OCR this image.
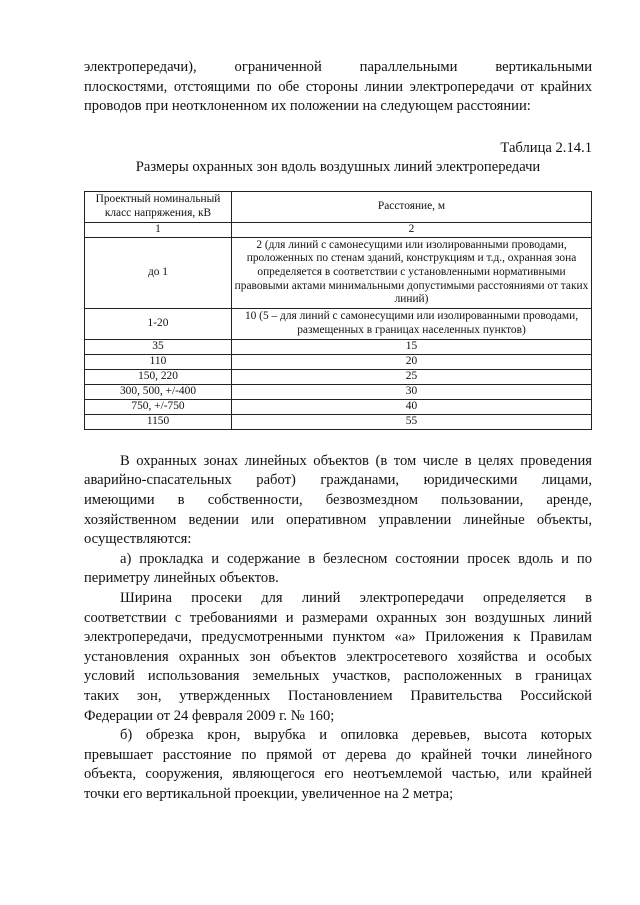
электропередачи), ограниченной параллельными вертикальными

плоскостями, отстоящими по обе стороны линии электропередачи от крайних

проводов при неотклоненном их положении на следующем расстоянии:

Таблица 2.14.1
Размеры охранных зон вдоль воздушных линий электропередачи
Проектный номинальный класс напряжения, кВ	Расстояние, м
1	2
до 1	2 (для линий с самонесущими или изолированными проводами, проложенных по стенам зданий, конструкциям и т.д., охранная зона определяется в соответствии с установленными нормативными правовыми актами минимальными допустимыми расстояниями от таких линий)
1-20	10 (5 – для линий с самонесущими или изолированными проводами, размещенных в границах населенных пунктов)
35	15
110	20
150, 220	25
300, 500, +/-400	30
750, +/-750	40
1150	55

В охранных зонах линейных объектов (в том числе в целях проведения

аварийно-спасательных работ) гражданами, юридическими лицами,

имеющими в собственности, безвозмездном пользовании, аренде,

хозяйственном ведении или оперативном управлении линейные объекты,

осуществляются:

а) прокладка и содержание в безлесном состоянии просек вдоль и по

периметру линейных объектов.

Ширина просеки для линий электропередачи определяется в

соответствии с требованиями и размерами охранных зон воздушных линий

электропередачи, предусмотренными пунктом «а» Приложения к Правилам

установления охранных зон объектов электросетевого хозяйства и особых

условий использования земельных участков, расположенных в границах

таких зон, утвержденных Постановлением Правительства Российской

Федерации от 24 февраля 2009 г. № 160;

б) обрезка крон, вырубка и опиловка деревьев, высота которых

превышает расстояние по прямой от дерева до крайней точки линейного

объекта, сооружения, являющегося его неотъемлемой частью, или крайней

точки его вертикальной проекции, увеличенное на 2 метра;
